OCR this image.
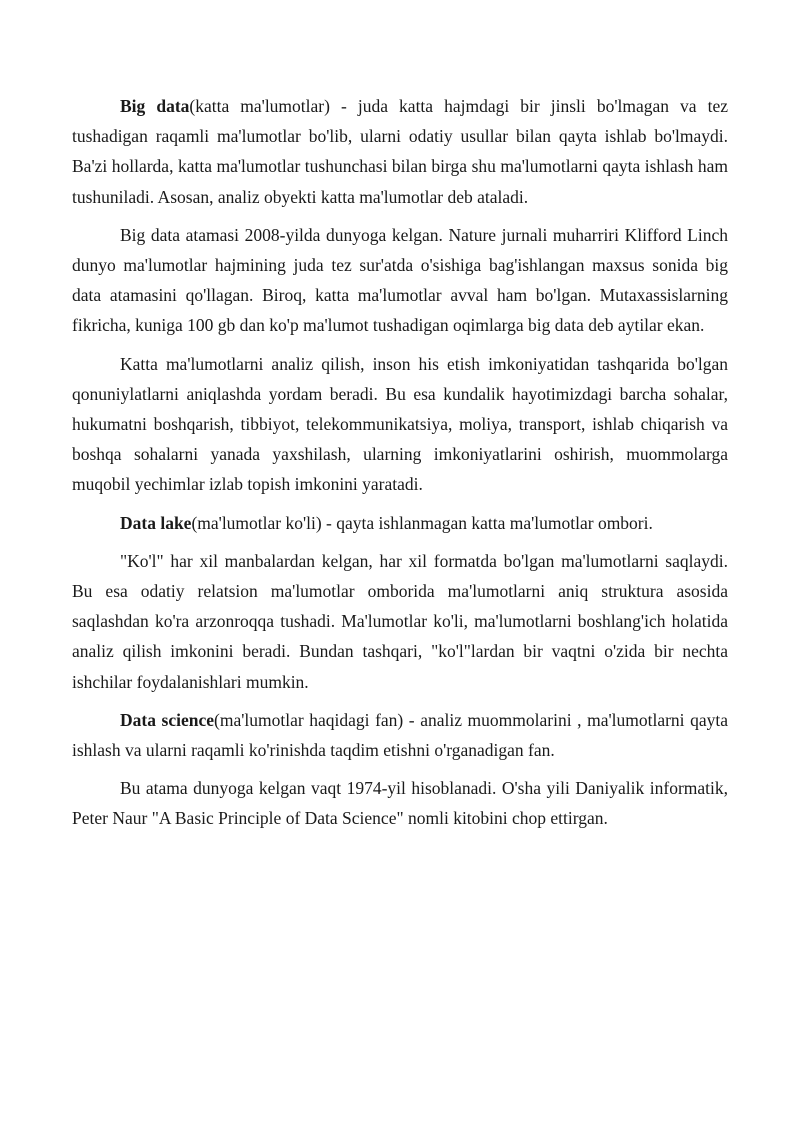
Big data(katta ma'lumotlar) - juda katta hajmdagi bir jinsli bo'lmagan va tez tushadigan raqamli ma'lumotlar bo'lib, ularni odatiy usullar bilan qayta ishlab bo'lmaydi. Ba'zi hollarda, katta ma'lumotlar tushunchasi bilan birga shu ma'lumotlarni qayta ishlash ham tushuniladi. Asosan, analiz obyekti katta ma'lumotlar deb ataladi.

Big data atamasi 2008-yilda dunyoga kelgan. Nature jurnali muharriri Klifford Linch dunyo ma'lumotlar hajmining juda tez sur'atda o'sishiga bag'ishlangan maxsus sonida big data atamasini qo'llagan. Biroq, katta ma'lumotlar avval ham bo'lgan. Mutaxassislarning fikricha, kuniga 100 gb dan ko'p ma'lumot tushadigan oqimlarga big data deb aytilar ekan.

Katta ma'lumotlarni analiz qilish, inson his etish imkoniyatidan tashqarida bo'lgan qonuniylatlarni aniqlashda yordam beradi. Bu esa kundalik hayotimizdagi barcha sohalar, hukumatni boshqarish, tibbiyot, telekommunikatsiya, moliya, transport, ishlab chiqarish va boshqa sohalarni yanada yaxshilash, ularning imkoniyatlarini oshirish, muommolarga muqobil yechimlar izlab topish imkonini yaratadi.

Data lake(ma'lumotlar ko'li) - qayta ishlanmagan katta ma'lumotlar ombori.

"Ko'l" har xil manbalardan kelgan, har xil formatda bo'lgan ma'lumotlarni saqlaydi. Bu esa odatiy relatsion ma'lumotlar omborida ma'lumotlarni aniq struktura asosida saqlashdan ko'ra arzonroqqa tushadi. Ma'lumotlar ko'li, ma'lumotlarni boshlang'ich holatida analiz qilish imkonini beradi. Bundan tashqari, "ko'l"lardan bir vaqtni o'zida bir nechta ishchilar foydalanishlari mumkin.

Data science(ma'lumotlar haqidagi fan) - analiz muommolarini , ma'lumotlarni qayta ishlash va ularni raqamli ko'rinishda taqdim etishni o'rganadigan fan.

Bu atama dunyoga kelgan vaqt 1974-yil hisoblanadi. O'sha yili Daniyalik informatik, Peter Naur "A Basic Principle of Data Science" nomli kitobini chop ettirgan.
